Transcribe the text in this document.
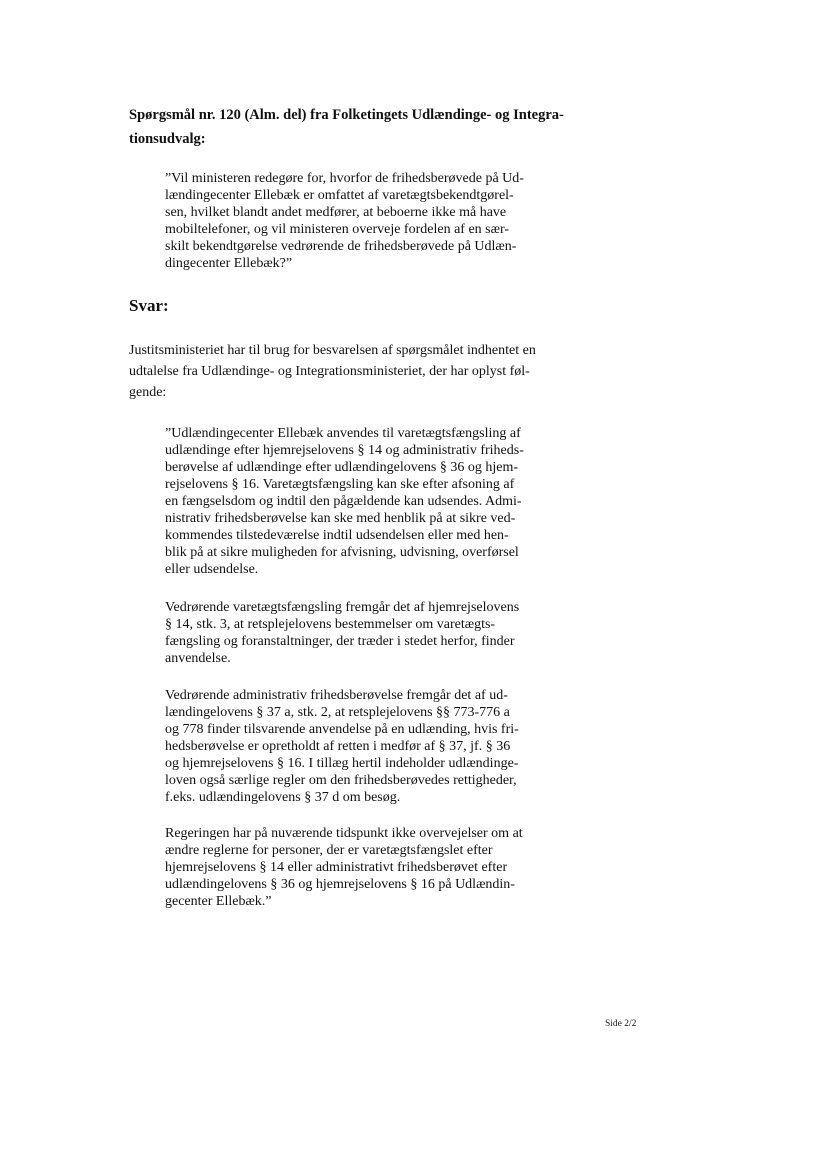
Spørgsmål nr. 120 (Alm. del) fra Folketingets Udlændinge- og Integra-
tionsudvalg:
”Vil ministeren redegøre for, hvorfor de frihedsberøvede på Ud-
lændingecenter Ellebæk er omfattet af varetægtsbekendtgørel-
sen, hvilket blandt andet medfører, at beboerne ikke må have
mobiltelefoner, og vil ministeren overveje fordelen af en sær-
skilt bekendtgørelse vedrørende de frihedsberøvede på Udlæn-
dingecenter Ellebæk?”
Svar:
Justitsministeriet har til brug for besvarelsen af spørgsmålet indhentet en
udtalelse fra Udlændinge- og Integrationsministeriet, der har oplyst føl-
gende:
”Udlændingecenter Ellebæk anvendes til varetægtsfængsling af
udlændinge efter hjemrejselovens § 14 og administrativ friheds-
berøvelse af udlændinge efter udlændingelovens § 36 og hjem-
rejselovens § 16. Varetægtsfængsling kan ske efter afsoning af
en fængselsdom og indtil den pågældende kan udsendes. Admi-
nistrativ frihedsberøvelse kan ske med henblik på at sikre ved-
kommendes tilstedeværelse indtil udsendelsen eller med hen-
blik på at sikre muligheden for afvisning, udvisning, overførsel
eller udsendelse.
Vedrørende varetægtsfængsling fremgår det af hjemrejselovens
§ 14, stk. 3, at retsplejelovens bestemmelser om varetægts-
fængsling og foranstaltninger, der træder i stedet herfor, finder
anvendelse.
Vedrørende administrativ frihedsberøvelse fremgår det af ud-
lændingelovens § 37 a, stk. 2, at retsplejelovens §§ 773-776 a
og 778 finder tilsvarende anvendelse på en udlænding, hvis fri-
hedsberøvelse er opretholdt af retten i medfør af § 37, jf. § 36
og hjemrejselovens § 16. I tillæg hertil indeholder udlændinge-
loven også særlige regler om den frihedsberøvedes rettigheder,
f.eks. udlændingelovens § 37 d om besøg.
Regeringen har på nuværende tidspunkt ikke overvejelser om at
ændre reglerne for personer, der er varetægtsfængslet efter
hjemrejselovens § 14 eller administrativt frihedsberøvet efter
udlændingelovens § 36 og hjemrejselovens § 16 på Udlændin-
gecenter Ellebæk.”
Side 2/2
